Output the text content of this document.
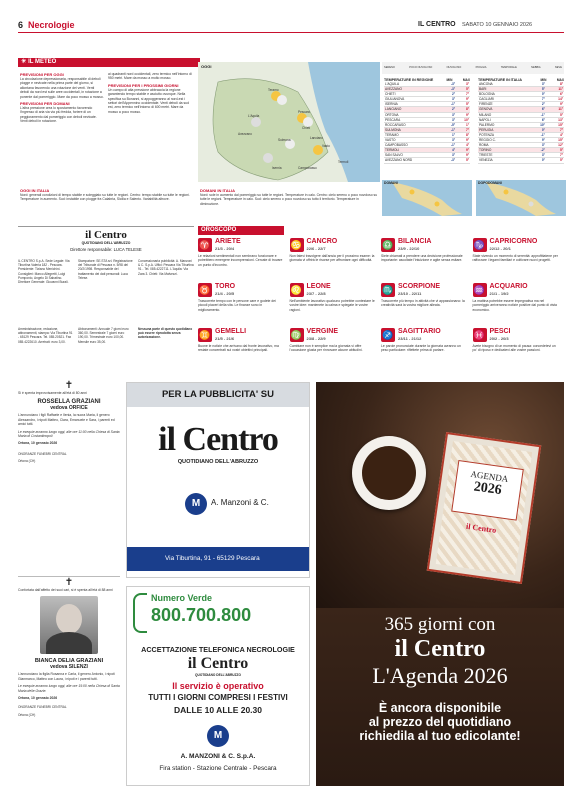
6 Necrologie	IL CENTRO SABATO 10 GENNAIO 2026
☀ IL METEO
PREVISIONI PER OGGI
La circolazione depressionaria, responsabile di deboli piogge e nevicate nella prima parte del giorno, si allontana favorendo una rotazione dei venti. Venti deboli da nord est sulle aree occidentali, in rotazione a ponente dal pomeriggio. Mare da poco mosso a mosso.
PREVISIONI PER DOMANI
L'altra pressione crea lo spostamento favorendo l'ingresso di aria via via più fredda, foriere di un peggioramento dal pomeriggio con deboli nevicate. Venti deboli in rotazione.
ai quadranti nord occidentali, zero termico nell'intorno di 950 metri. Mare da mosso a molto mosso.
PREVISIONI PER I PROSSIMI GIORNI
Un campo di alta pressione abbraccia la regione garantendo tempo stabile e asciutto ovunque. Nella specifica su Bonanni, si appoggeranno al nord-est i settori dell'Appennino occidentale. Venti deboli da sud est, zero termico nell'intorno di 600 metri. Mare da mosso a poco mosso.
OGGI
Teramo
Pescara
Chieti
L'Aquila
Avezzano
Sulmona
Vasto
Lanciano
Campobasso
Isernia
Termoli
SERENO	POCO NUVOLOSO	NUVOLOSO	PIOGGIA	TEMPORALE	NEBBIA	NEVE
TEMPERATURE IN REGIONE	MIN	MAX
L'AQUILA	-3°	3°
AVEZZANO	-3°	5°
CHIETI	2°	7°
GIULIANOVA	3°	9°
ISERNIA	-1°	5°
LANCIANO	2°	8°
ORTONA	3°	9°
PESCARA	3°	10°
ROCCARASO	-5°	1°
SULMONA	-1°	7°
TERAMO	1°	8°
VASTO	3°	9°
CAMPOBASSO	-1°	4°
TERMOLI	4°	9°
SAN SALVO	3°	9°
AVEZZANO NORD	-3°	5°
TEMPERATURE IN ITALIA	MIN	MAX
ANCONA	3°	8°
BARI	5°	11°
BOLOGNA	0°	6°
CAGLIARI	7°	14°
FIRENZE	2°	9°
GENOVA	6°	11°
MILANO	-1°	5°
NAPOLI	6°	13°
PALERMO	10°	15°
PERUGIA	0°	7°
POTENZA	-1°	4°
REGGIO C.	9°	15°
ROMA	3°	12°
TORINO	-2°	5°
TRIESTE	3°	7°
VENEZIA	0°	5°
DOMANI	DOPODOMANI
OGGI IN ITALIA
Nord: generali condizioni di tempo stabile e soleggiato su tutte le regioni. Centro: tempo stabile su tutte le regioni. Temperature in aumento. Sud: instabile con piogge fra Calabria, Sicilia e Salento. Variabilità altrove.
DOMANI IN ITALIA
Nord: sole in aumento dal pomeriggio su tutte le regioni. Temperature in calo. Centro: cielo sereno o poco nuvoloso su tutte le regioni. Temperature in calo. Sud: cielo sereno o poco nuvoloso su tutto il territorio. Temperature in diminuzione.
il Centro
QUOTIDIANO DELL'ABRUZZO
Direttore responsabile: LUCA TELESE
IL CENTRO S.p.A. Sede Legale: Via Tiburtina Valeria 182 - Pescara. Presidente: Tiziano Menichini. Consiglieri: Marco Allegretti, Luigi Pomponio, Angelo Di Sabatino. Direttore Generale: Giovanni Burali.
Stampatore: SE.STA srl. Registrazione del Tribunale di Pescara n. 5/98 del 20/2/1998. Responsabile del trattamento dei dati personali: Luca Telese.
Concessionaria pubblicità: A. Manzoni & C. S.p.A. Uffici: Pescara Via Tiburtina 91 - Tel. 085.4222711. L'Aquila: Via Zara 3. Chieti: Via Malvezzi.
Amministrazione, redazione, abbonamenti, stampa: Via Tiburtina 91 - 65129 Pescara. Tel. 085.20521. Fax 085.4222610. Arretrati: euro 3,00.
Abbonamenti: Annuale 7 giorni euro 360,00. Semestrale 7 giorni euro 190,00. Trimestrale euro 100,00. Mensile euro 35,00.
Nessuna parte di questo quotidiano può essere riprodotta senza autorizzazione.
OROSCOPO
♈ ARIETE
21/3 - 20/4
Le relazioni sentimentali non sembrano funzionare e potrebbero emergere incomprensioni. Cercate di trovare un punto d'incontro.
♋ CANCRO
22/6 - 22/7
Non fatevi travolgere dall'ansia per il prossimo esame: la giornata vi offrirà le risorse per affrontare ogni difficoltà.
♎ BILANCIA
23/9 - 22/10
Siete chiamati a prendere una decisione professionale importante: ascoltate l'intuizione e agite senza esitare.
♑ CAPRICORNO
22/12 - 20/1
State vivendo un momento di serenità: approfittatene per rafforzare i legami familiari e coltivare nuovi progetti.
♉ TORO
21/4 - 20/5
Trascorrete tempo con le persone care e godete dei piccoli piaceri della vita. Le finanze sono in miglioramento.
♌ LEONE
23/7 - 22/8
Nell'ambiente lavorativo qualcuno potrebbe contestare le vostre idee: mantenete la calma e spiegate le vostre ragioni.
♏ SCORPIONE
23/10 - 22/11
Trascorrete più tempo in attività che vi appassionano: la creatività sarà la vostra migliore alleata.
♒ ACQUARIO
21/1 - 19/2
La mattina potrebbe essere impegnativa ma nel pomeriggio arriveranno notizie positive dal punto di vista economico.
♊ GEMELLI
21/5 - 21/6
Buone le notizie che arrivano dal fronte lavorativo, ma restate concentrati sui vostri obiettivi principali.
♍ VERGINE
23/8 - 22/9
Cambiare non è semplice ma la giornata vi offre l'occasione giusta per rinnovare alcune abitudini.
♐ SAGITTARIO
23/11 - 21/12
Le parole pronunciate durante la giornata avranno un peso particolare: riflettete prima di parlare.
♓ PESCI
20/2 - 20/3
Avete bisogno di un momento di pausa: concedetevi un po' di riposo e dedicatevi alle vostre passioni.
✝
Si è spenta improvvisamente all'età di 80 anni
ROSSELLA GRAZIANI
vedova ORFICE
L'annunciano i figli Raffaele e Ilenia, la nuora Maria, il genero Alessandro, i nipoti Matteo, Clara, Emanuele e Sara, i parenti ed amici tutti.
Le esequie avranno luogo oggi, alle ore 11:00 nella Chiesa di Santa Maria di Costantinopoli
Ortona, 10 gennaio 2026
ONORANZE FUNEBRI CENTRAL
Ortona (CH)
✝
Confortata dall'affetto dei suoi cari, si è spenta all'età di 88 anni
BIANCA DELIA GRAZIANI
vedova SILENZI
L'annunciano la figlia Rosanna e Carla, il genero Antonio, i nipoti Gianmarco, Matteo con Laura, i nipoti e i parenti tutti.
Le esequie avranno luogo oggi, alle ore 15:00 nella Chiesa di Santa Maria delle Grazie.
Ortona, 10 gennaio 2026
ONORANZE FUNEBRI CENTRAL
Ortona (CH)
PER LA PUBBLICITA' SU
il Centro
QUOTIDIANO DELL'ABRUZZO
M	A. Manzoni & C.
Via Tiburtina, 91 - 65129 Pescara
Numero Verde
800.700.800
ACCETTAZIONE TELEFONICA NECROLOGIE
il Centro
QUOTIDIANO DELL'ABRUZZO
Il servizio è operativo
TUTTI I GIORNI COMPRESI I FESTIVI
DALLE 10 ALLE 20.30
M
A. MANZONI & C. S.p.A.
Fira station - Stazione Centrale - Pescara
AGENDA
2026
il Centro
365 giorni con
il Centro
L'Agenda 2026
È ancora disponibile
al prezzo del quotidiano
richiedila al tuo edicolante!
